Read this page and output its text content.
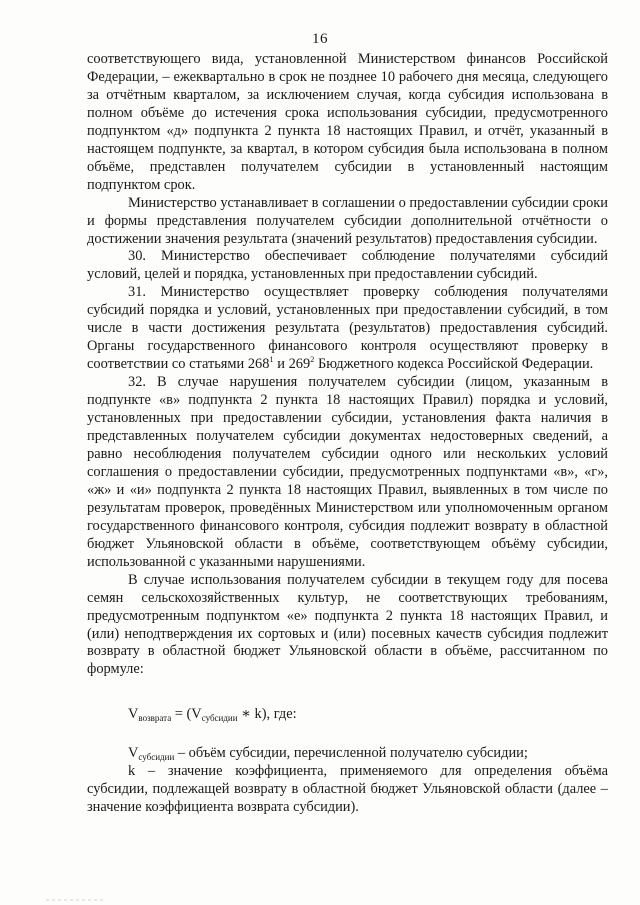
16

соответствующего вида, установленной Министерством финансов Российской Федерации, – ежеквартально в срок не позднее 10 рабочего дня месяца, следующего за отчётным кварталом, за исключением случая, когда субсидия использована в полном объёме до истечения срока использования субсидии, предусмотренного подпунктом «д» подпункта 2 пункта 18 настоящих Правил, и отчёт, указанный в настоящем подпункте, за квартал, в котором субсидия была использована в полном объёме, представлен получателем субсидии в установленный настоящим подпунктом срок.

Министерство устанавливает в соглашении о предоставлении субсидии сроки и формы представления получателем субсидии дополнительной отчётности о достижении значения результата (значений результатов) предоставления субсидии.

30. Министерство обеспечивает соблюдение получателями субсидий условий, целей и порядка, установленных при предоставлении субсидий.

31. Министерство осуществляет проверку соблюдения получателями субсидий порядка и условий, установленных при предоставлении субсидий, в том числе в части достижения результата (результатов) предоставления субсидий. Органы государственного финансового контроля осуществляют проверку в соответствии со статьями 268$^1$ и 269$^2$ Бюджетного кодекса Российской Федерации.

32. В случае нарушения получателем субсидии (лицом, указанным в подпункте «в» подпункта 2 пункта 18 настоящих Правил) порядка и условий, установленных при предоставлении субсидии, установления факта наличия в представленных получателем субсидии документах недостоверных сведений, а равно несоблюдения получателем субсидии одного или нескольких условий соглашения о предоставлении субсидии, предусмотренных подпунктами «в», «г», «ж» и «и» подпункта 2 пункта 18 настоящих Правил, выявленных в том числе по результатам проверок, проведённых Министерством или уполномоченным органом государственного финансового контроля, субсидия подлежит возврату в областной бюджет Ульяновской области в объёме, соответствующем объёму субсидии, использованной с указанными нарушениями.

В случае использования получателем субсидии в текущем году для посева семян сельскохозяйственных культур, не соответствующих требованиям, предусмотренным подпунктом «е» подпункта 2 пункта 18 настоящих Правил, и (или) неподтверждения их сортовых и (или) посевных качеств субсидия подлежит возврату в областной бюджет Ульяновской области в объёме, рассчитанном по формуле:

$V_{возврата} = (V_{субсидии}$ ∗ k), где:

$V_{субсидии}$ – объём субсидии, перечисленной получателю субсидии;

k – значение коэффициента, применяемого для определения объёма субсидии, подлежащей возврату в областной бюджет Ульяновской области (далее – значение коэффициента возврата субсидии).
